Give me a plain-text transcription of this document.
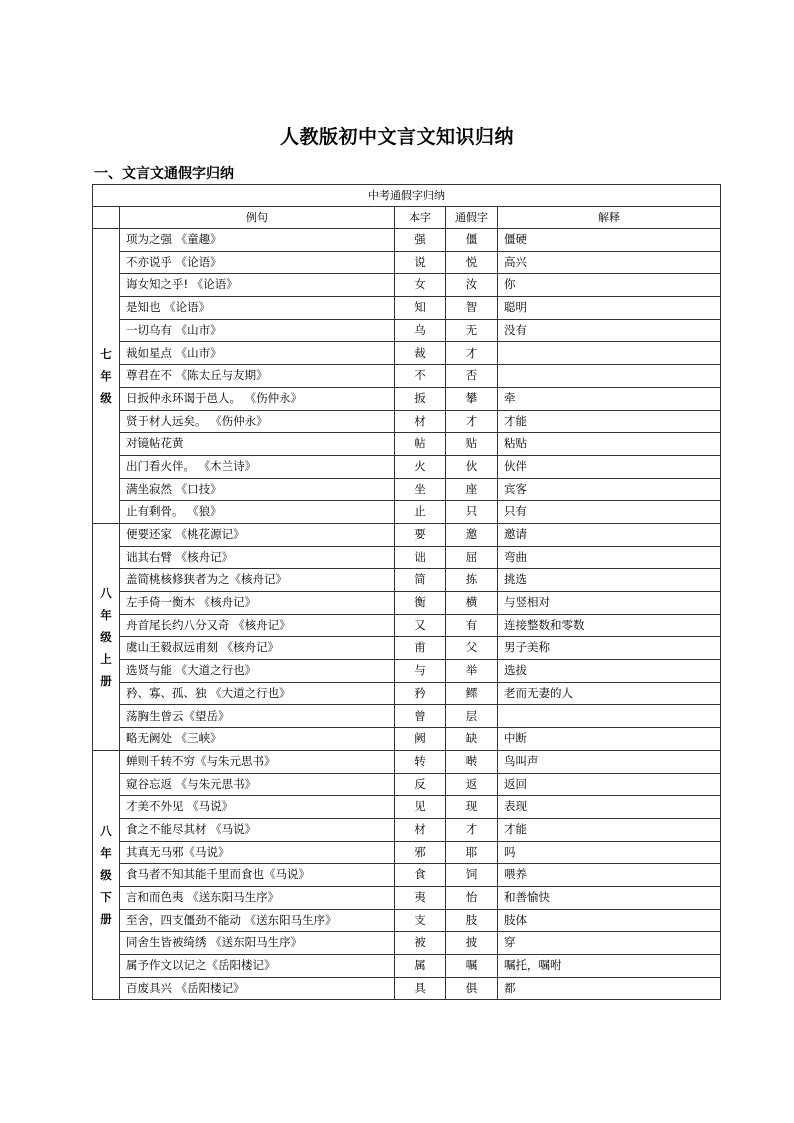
人教版初中文言文知识归纳
一、文言文通假字归纳
中考通假字归纳				
	例句	本字	通假字	解释

七
年
级	项为之强 《童趣》	强	僵	僵硬
	不亦说乎 《论语》	说	悦	高兴
	诲女知之乎! 《论语》	女	汝	你
	是知也 《论语》	知	智	聪明
	一切乌有 《山市》	乌	无	没有
	裁如星点 《山市》	裁	才	
	尊君在不 《陈太丘与友期》	不	否	
	日扳仲永环谒于邑人。 《伤仲永》	扳	攀	牵
	贤于材人远矣。 《伤仲永》	材	才	才能
	对镜帖花黄	帖	贴	粘贴
	出门看火伴。 《木兰诗》	火	伙	伙伴
	满坐寂然 《口技》	坐	座	宾客
	止有剩骨。 《狼》	止	只	只有

八
年
级
上
册	便要还家 《桃花源记》	要	邀	邀请
	诎其右臂 《核舟记》	诎	屈	弯曲
	盖简桃核修狭者为之《核舟记》	简	拣	挑选
	左手倚一衡木 《核舟记》	衡	横	与竖相对
	舟首尾长约八分又奇 《核舟记》	又	有	连接整数和零数
	虞山王毅叔远甫刻 《核舟记》	甫	父	男子美称
	选贤与能 《大道之行也》	与	举	选拔
	矜、寡、孤、独 《大道之行也》	矜	鳏	老而无妻的人
	荡胸生曾云《望岳》	曾	层	
	略无阙处 《三峡》	阙	缺	中断

八
年
级
下
册	蝉则千转不穷《与朱元思书》	转	啭	鸟叫声
	窥谷忘返 《与朱元思书》	反	返	返回
	才美不外见 《马说》	见	现	表现
	食之不能尽其材 《马说》	材	才	才能
	其真无马邪《马说》	邪	耶	吗
	食马者不知其能千里而食也《马说》	食	饲	喂养
	言和而色夷 《送东阳马生序》	夷	怡	和善愉快
	至舍，四支僵劲不能动 《送东阳马生序》	支	肢	肢体
	同舍生皆被绮绣 《送东阳马生序》	被	披	穿
	属予作文以记之《岳阳楼记》	属	嘱	嘱托，嘱咐
	百废具兴 《岳阳楼记》	具	俱	都
